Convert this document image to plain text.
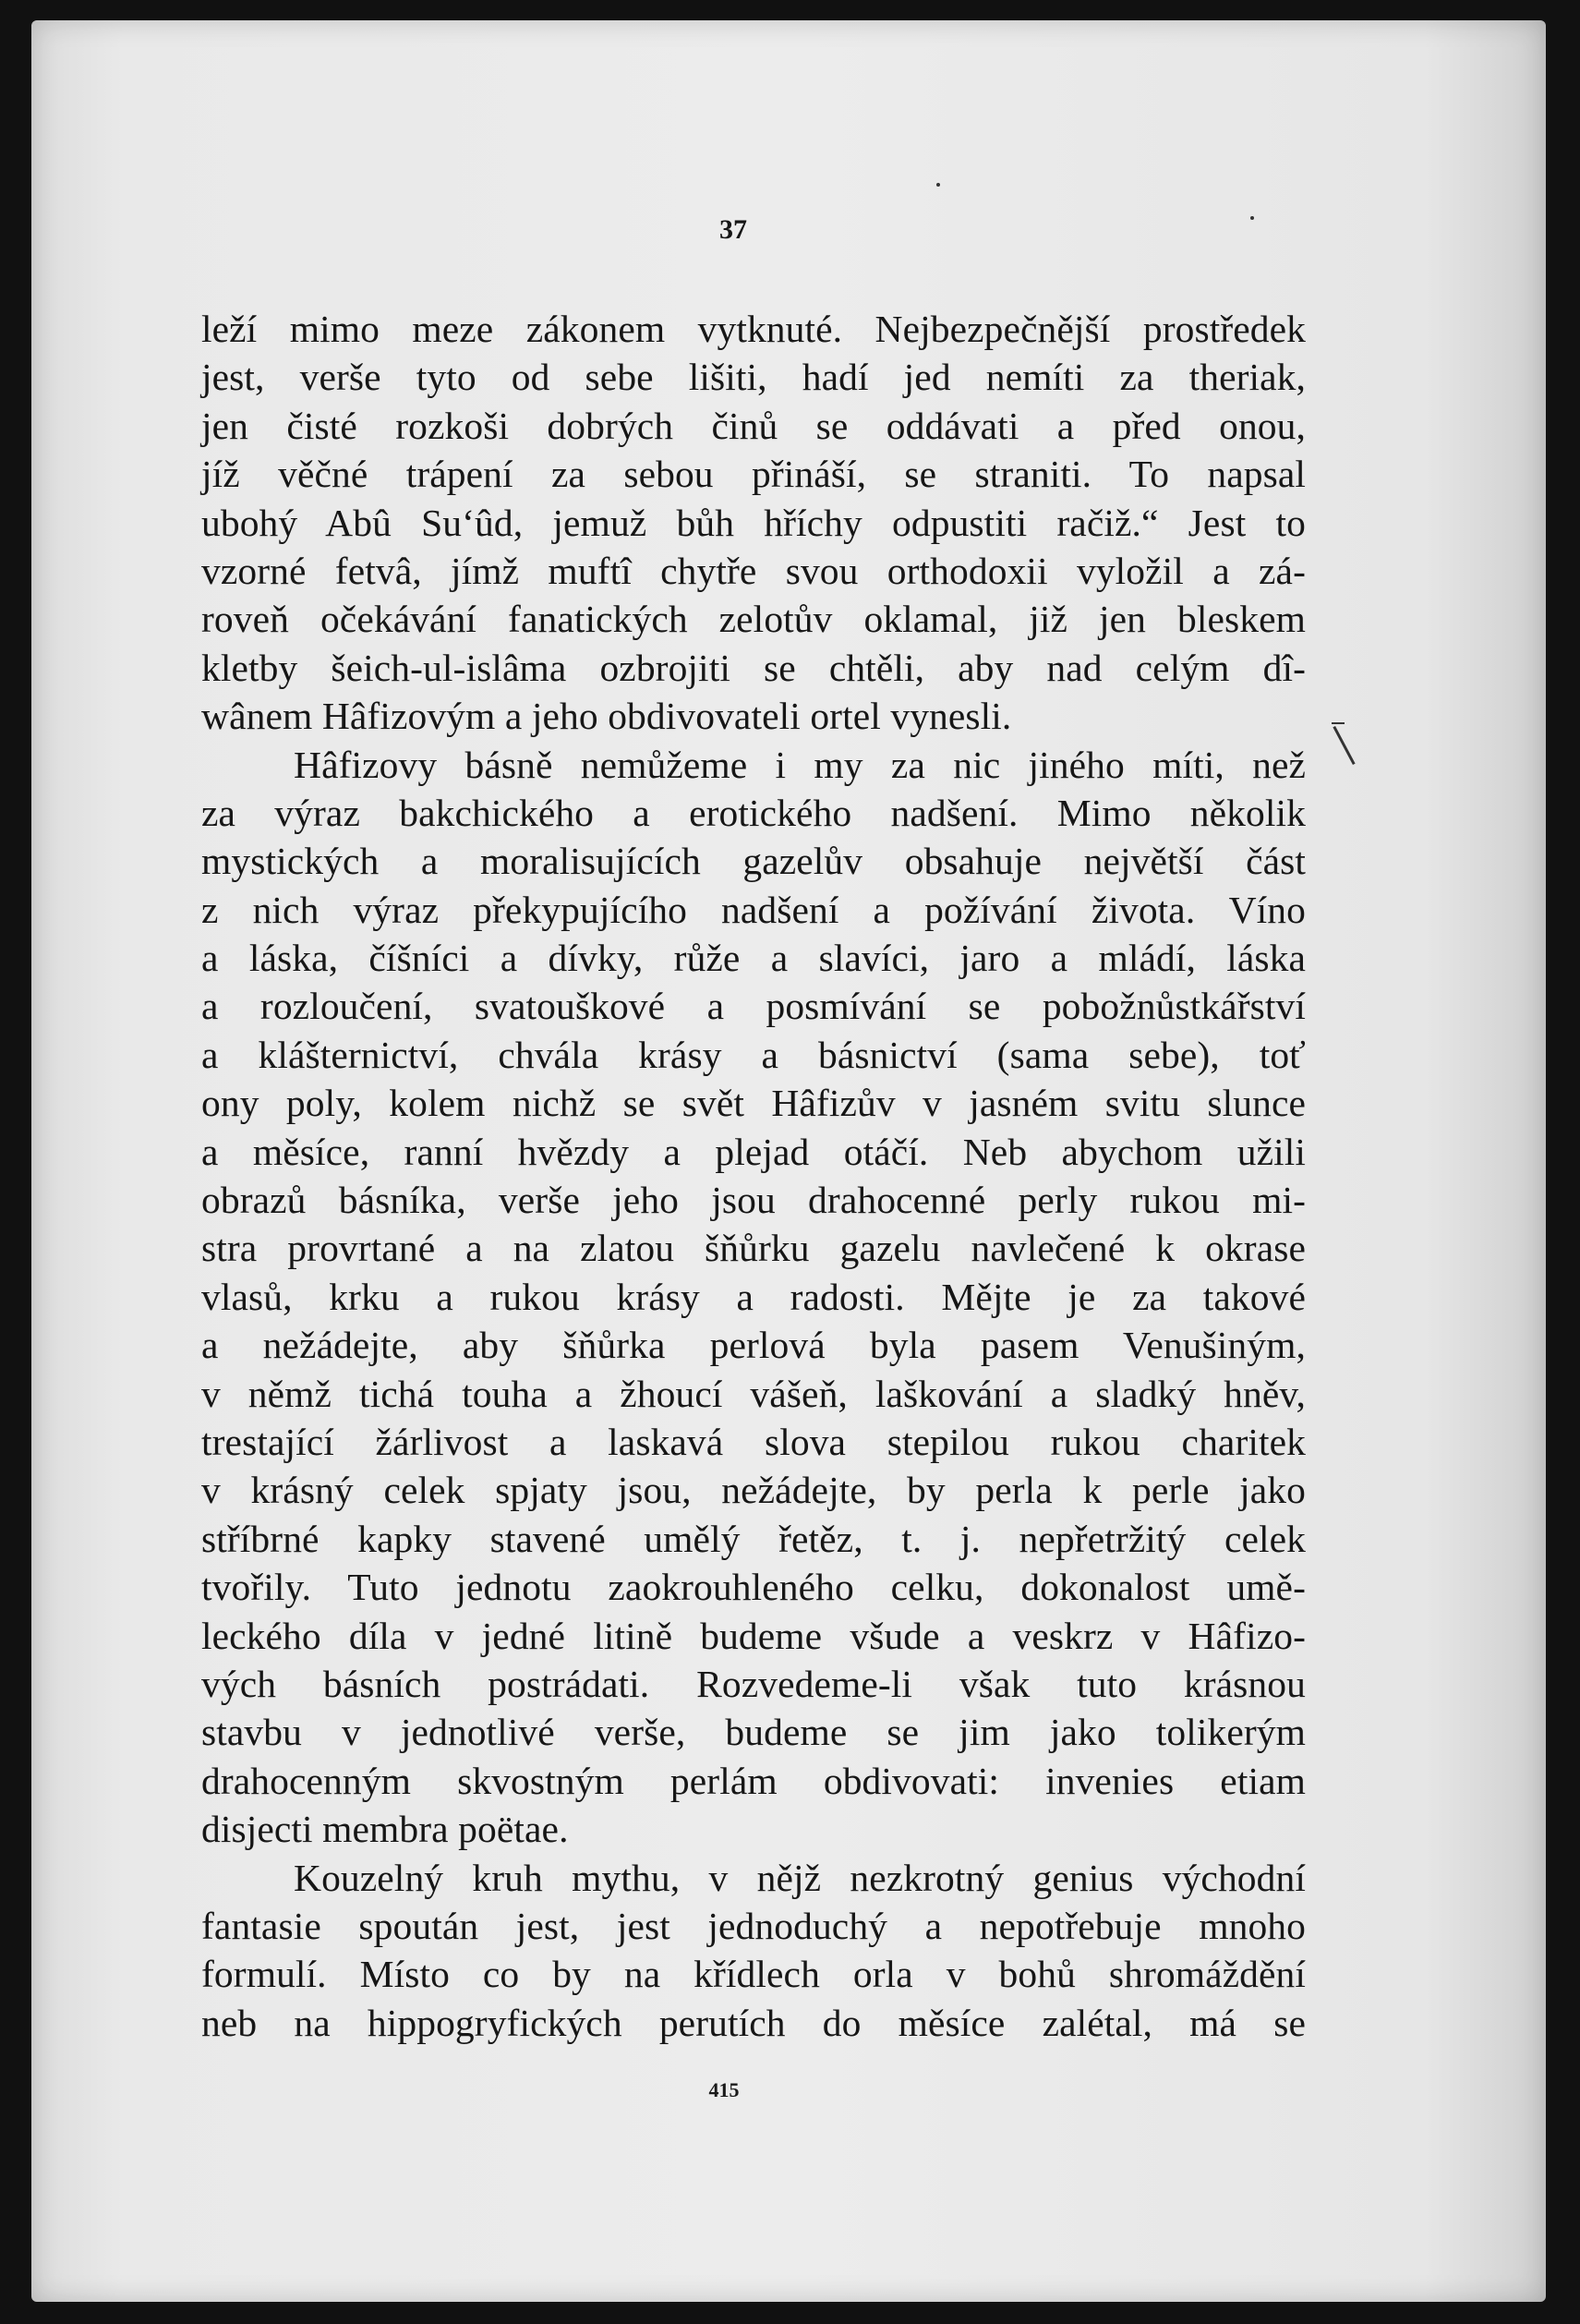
37
leží mimo meze zákonem vytknuté. Nejbezpečnější prostředek
jest, verše tyto od sebe lišiti, hadí jed nemíti za theriak,
jen čisté rozkoši dobrých činů se oddávati a před onou,
jíž věčné trápení za sebou přináší, se straniti. To napsal
ubohý Abû Su‘ûd, jemuž bůh hříchy odpustiti račiž.“ Jest to
vzorné fetvâ, jímž muftî chytře svou orthodoxii vyložil a zá-
roveň očekávání fanatických zelotův oklamal, již jen bleskem
kletby šeich-ul-islâma ozbrojiti se chtěli, aby nad celým dî-
wânem Hâfizovým a jeho obdivovateli ortel vynesli.
Hâfizovy básně nemůžeme i my za nic jiného míti, než
za výraz bakchického a erotického nadšení. Mimo několik
mystických a moralisujících gazelův obsahuje největší část
z nich výraz překypujícího nadšení a požívání života. Víno
a láska, číšníci a dívky, růže a slavíci, jaro a mládí, láska
a rozloučení, svatouškové a posmívání se pobožnůstkářství
a klášternictví, chvála krásy a básnictví (sama sebe), toť
ony poly, kolem nichž se svět Hâfizův v jasném svitu slunce
a měsíce, ranní hvězdy a plejad otáčí. Neb abychom užili
obrazů básníka, verše jeho jsou drahocenné perly rukou mi-
stra provrtané a na zlatou šňůrku gazelu navlečené k okrase
vlasů, krku a rukou krásy a radosti. Mějte je za takové
a nežádejte, aby šňůrka perlová byla pasem Venušiným,
v němž tichá touha a žhoucí vášeň, laškování a sladký hněv,
trestající žárlivost a laskavá slova stepilou rukou charitek
v krásný celek spjaty jsou, nežádejte, by perla k perle jako
stříbrné kapky stavené umělý řetěz, t. j. nepřetržitý celek
tvořily. Tuto jednotu zaokrouhleného celku, dokonalost umě-
leckého díla v jedné litině budeme všude a veskrz v Hâfizo-
vých básních postrádati. Rozvedeme-li však tuto krásnou
stavbu v jednotlivé verše, budeme se jim jako tolikerým
drahocenným skvostným perlám obdivovati: invenies etiam
disjecti membra poëtae.
Kouzelný kruh mythu, v nějž nezkrotný genius východní
fantasie spoután jest, jest jednoduchý a nepotřebuje mnoho
formulí. Místo co by na křídlech orla v bohů shromáždění
neb na hippogryfických perutích do měsíce zalétal, má se
415
